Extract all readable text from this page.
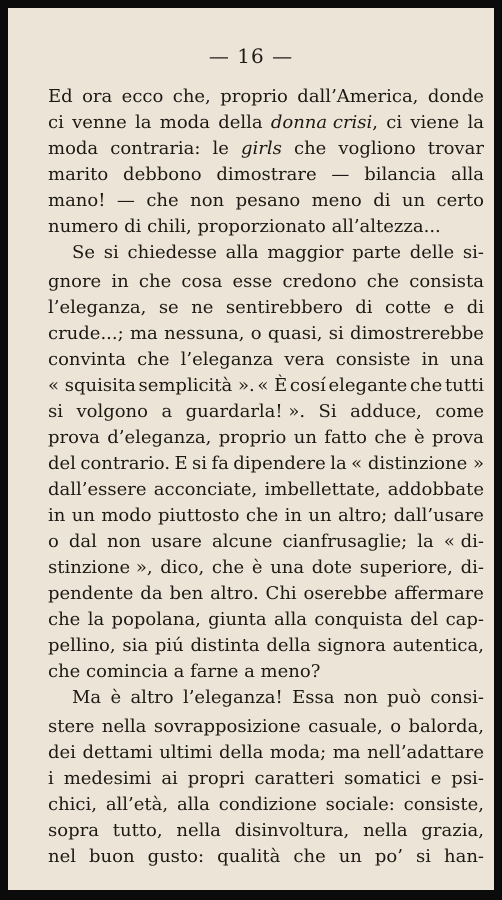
— 16 —
Ed ora ecco che, proprio dall’America, donde
ci venne la moda della donna crisi, ci viene la
moda contraria: le girls che vogliono trovar
marito debbono dimostrare — bilancia alla
mano! — che non pesano meno di un certo
numero di chili, proporzionato all’altezza...
Se si chiedesse alla maggior parte delle si-
gnore in che cosa esse credono che consista
l’eleganza, se ne sentirebbero di cotte e di
crude...; ma nessuna, o quasi, si dimostrerebbe
convinta che l’eleganza vera consiste in una
« squisita semplicità ». « È cosí elegante che tutti
si volgono a guardarla! ». Si adduce, come
prova d’eleganza, proprio un fatto che è prova
del contrario. E si fa dipendere la « distinzione »
dall’essere acconciate, imbellettate, addobbate
in un modo piuttosto che in un altro; dall’usare
o dal non usare alcune cianfrusaglie; la « di-
stinzione », dico, che è una dote superiore, di-
pendente da ben altro. Chi oserebbe affermare
che la popolana, giunta alla conquista del cap-
pellino, sia piú distinta della signora autentica,
che comincia a farne a meno?
Ma è altro l’eleganza! Essa non può consi-
stere nella sovrapposizione casuale, o balorda,
dei dettami ultimi della moda; ma nell’adattare
i medesimi ai propri caratteri somatici e psi-
chici, all’età, alla condizione sociale: consiste,
sopra tutto, nella disinvoltura, nella grazia,
nel buon gusto: qualità che un po’ si han-
